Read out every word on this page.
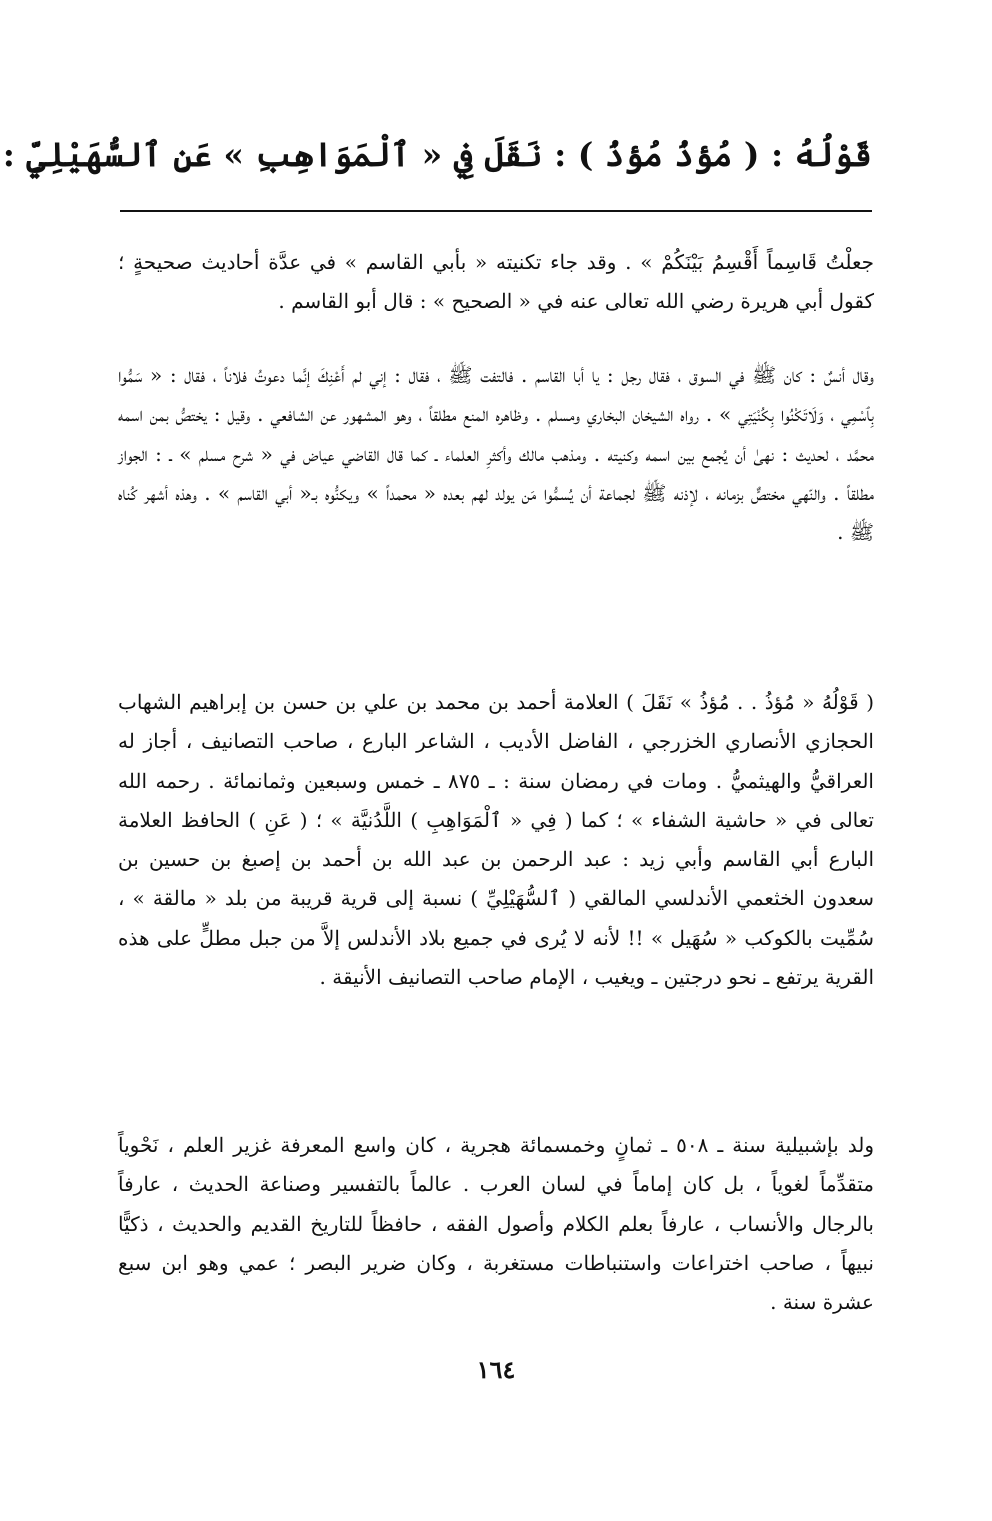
قَوْلُهُ : ( مُؤذُ مُؤذُ ) : نَقَلَ فِي « ٱلْمَوَاهِبِ » عَنِ ٱلسُّهَيْلِيِّ :

جعلْتُ قَاسِماً أَقْسِمُ بَيْنَكُمْ » . وقد جاء تكنيته « بأبي القاسم » في عدَّة أحاديث صحيحةٍ ؛ كقول أبي هريرة رضي الله تعالى عنه في « الصحيح » : قال أبو القاسم .

وقال أنسٌ : كان ﷺ في السوق ، فقال رجل : يا أبا القاسم . فالتفت ﷺ ، فقال : إني لم أَعْنِكَ إنَّما دعوتُ فلاناً ، فقال : « سَمُّوا بِٱسْمِي ، وَلَاتَكْنُوا بِكُنْيَتِي » . رواه الشيخان البخاري ومسلم . وظاهره المنع مطلقاً ، وهو المشهور عن الشافعي . وقيل : يختصُّ بمن اسمه محمَّد ، لحديث : نهىٰ أن يُجمع بين اسمه وكنيته . ومذهب مالك وأكثرِ العلماء ـ كما قال القاضي عياض في « شرح مسلم » ـ : الجواز مطلقاً . والنّهي مختصٌّ بزمانه ، لإذنه ﷺ لجماعة أن يُسمُّوا مَن يولد لهم بعده « محمداً » ويكنُّوه بـ« أبي القاسم » . وهذه أشهر كُناه ﷺ .

( قَوْلُهُ « مُؤذُ . . مُؤذُ » نَقَلَ ) العلامة أحمد بن محمد بن علي بن حسن بن إبراهيم الشهاب الحجازي الأنصاري الخزرجي ، الفاضل الأديب ، الشاعر البارع ، صاحب التصانيف ، أجاز له العراقيُّ والهيثميُّ . ومات في رمضان سنة : ـ ٨٧٥ ـ خمس وسبعين وثمانمائة . رحمه الله تعالى في « حاشية الشفاء » ؛ كما ( فِي « ٱلْمَوَاهِبِ ) اللَّدُنيَّة » ؛ ( عَنِ ) الحافظ العلامة البارع أبي القاسم وأبي زيد : عبد الرحمن بن عبد الله بن أحمد بن إصبغ بن حسين بن سعدون الخثعمي الأندلسي المالقي ( ٱلسُّهَيْلِيِّ ) نسبة إلى قرية قريبة من بلد « مالقة » ، سُمِّيت بالكوكب « سُهَيل » !! لأنه لا يُرى في جميع بلاد الأندلس إلاَّ من جبل مطلٍّ على هذه القرية يرتفع ـ نحو درجتين ـ ويغيب ، الإمام صاحب التصانيف الأنيقة .

ولد بإشبيلية سنة ـ ٥٠٨ ـ ثمانٍ وخمسمائة هجرية ، كان واسع المعرفة غزير العلم ، نَحْوياً متقدِّماً لغوياً ، بل كان إماماً في لسان العرب . عالماً بالتفسير وصناعة الحديث ، عارفاً بالرجال والأنساب ، عارفاً بعلم الكلام وأصول الفقه ، حافظاً للتاريخ القديم والحديث ، ذكيًّا نبيهاً ، صاحب اختراعات واستنباطات مستغربة ، وكان ضرير البصر ؛ عمي وهو ابن سبع عشرة سنة .

١٦٤
